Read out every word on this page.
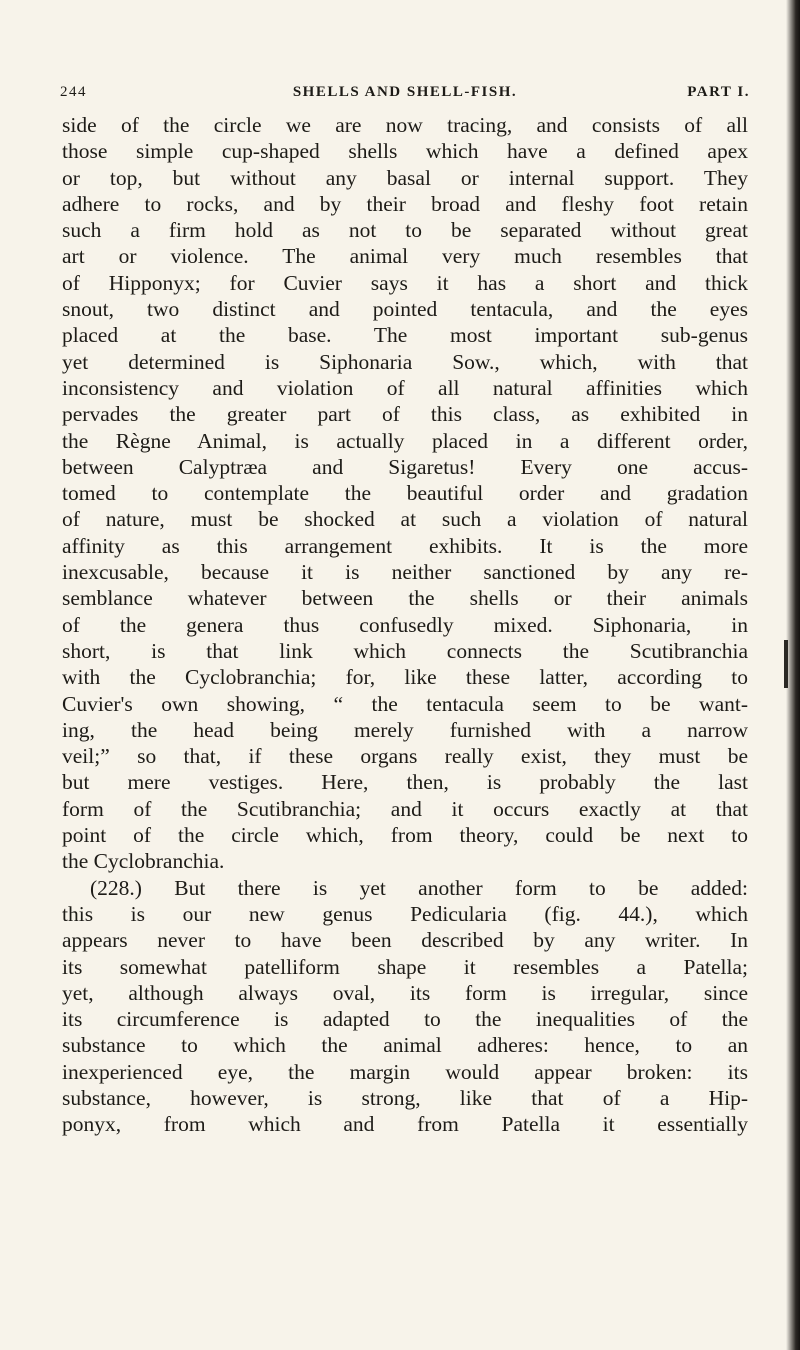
244	SHELLS AND SHELL-FISH.	PART I.
side of the circle we are now tracing, and consists of all
those simple cup-shaped shells which have a defined apex
or top, but without any basal or internal support. They
adhere to rocks, and by their broad and fleshy foot retain
such a firm hold as not to be separated without great
art or violence. The animal very much resembles that
of Hipponyx; for Cuvier says it has a short and thick
snout, two distinct and pointed tentacula, and the eyes
placed at the base. The most important sub-genus
yet determined is Siphonaria Sow., which, with that
inconsistency and violation of all natural affinities which
pervades the greater part of this class, as exhibited in
the Règne Animal, is actually placed in a different order,
between Calyptræa and Sigaretus! Every one accus-
tomed to contemplate the beautiful order and gradation
of nature, must be shocked at such a violation of natural
affinity as this arrangement exhibits. It is the more
inexcusable, because it is neither sanctioned by any re-
semblance whatever between the shells or their animals
of the genera thus confusedly mixed. Siphonaria, in
short, is that link which connects the Scutibranchia
with the Cyclobranchia; for, like these latter, according to
Cuvier's own showing, “ the tentacula seem to be want-
ing, the head being merely furnished with a narrow
veil;” so that, if these organs really exist, they must be
but mere vestiges. Here, then, is probably the last
form of the Scutibranchia; and it occurs exactly at that
point of the circle which, from theory, could be next to
the Cyclobranchia.
(228.) But there is yet another form to be added:
this is our new genus Pedicularia (fig. 44.), which
appears never to have been described by any writer. In
its somewhat patelliform shape it resembles a Patella;
yet, although always oval, its form is irregular, since
its circumference is adapted to the inequalities of the
substance to which the animal adheres: hence, to an
inexperienced eye, the margin would appear broken: its
substance, however, is strong, like that of a Hip-
ponyx, from which and from Patella it essentially
